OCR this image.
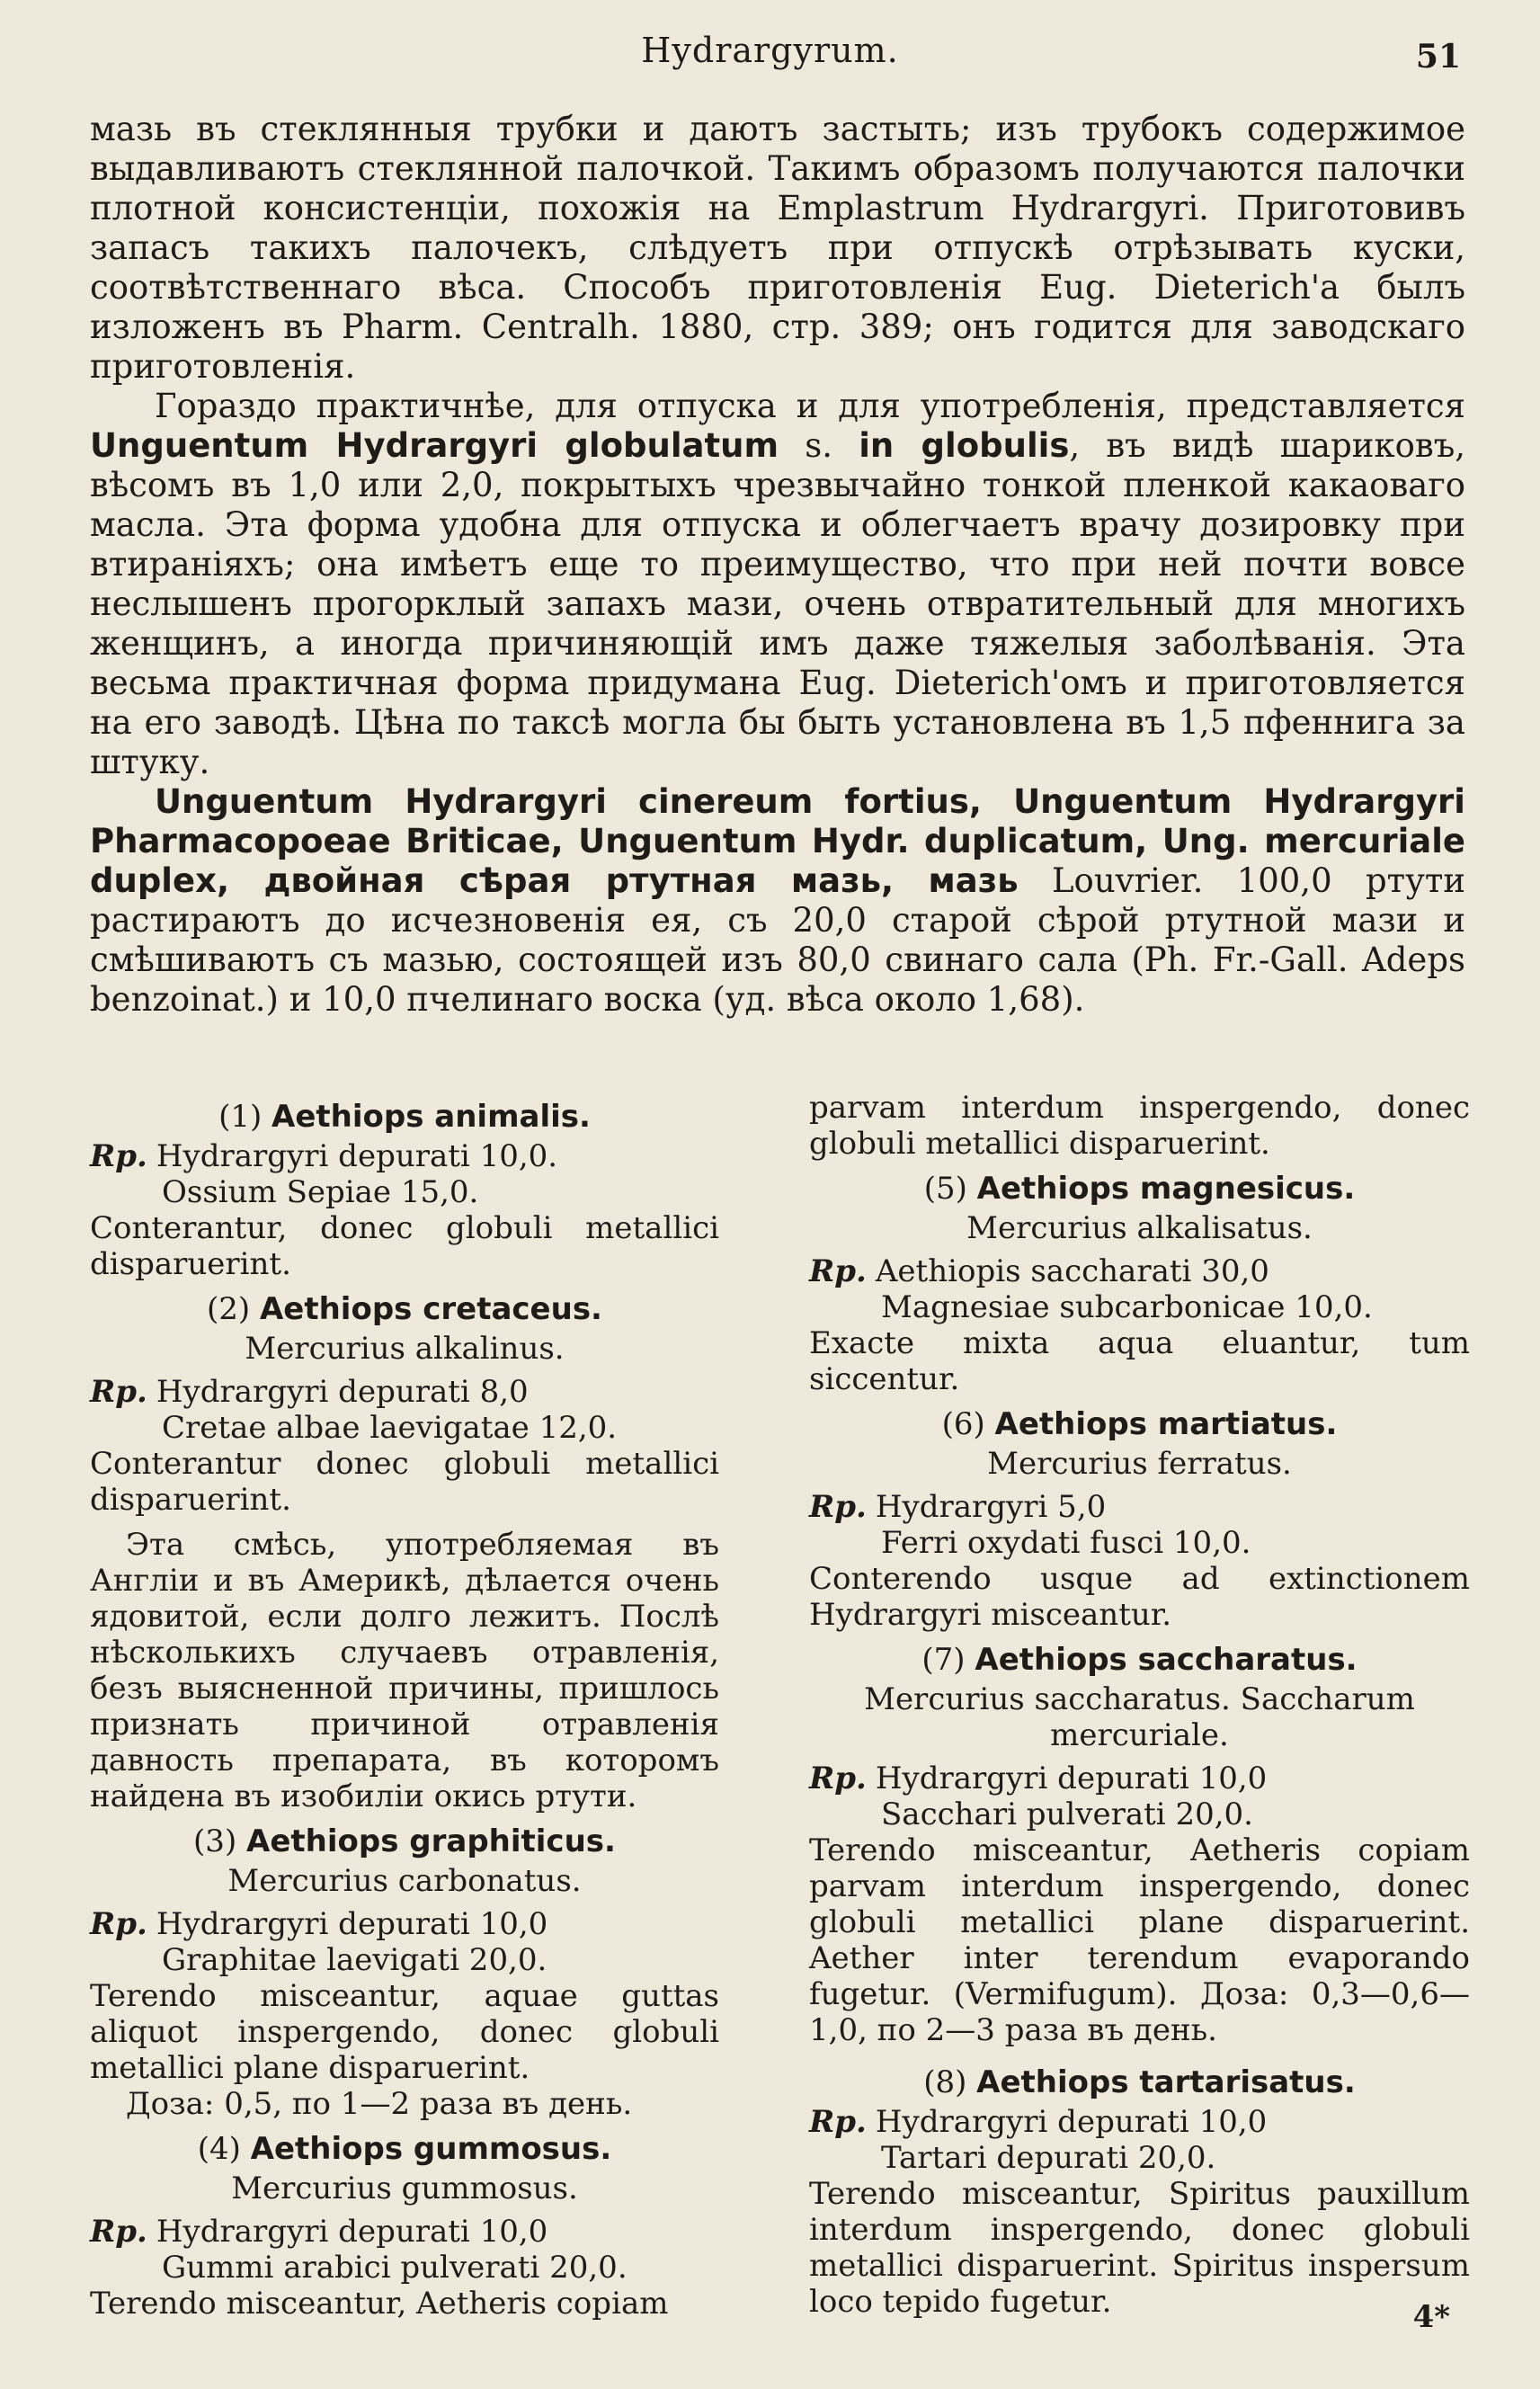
Hydrargyrum.	51

мазь въ стеклянныя трубки и даютъ застыть; изъ трубокъ содержимое выдавливаютъ стеклянной палочкой. Такимъ образомъ получаются палочки плотной консистенціи, похожія на Emplastrum Hydrargyri. Приготовивъ запасъ такихъ палочекъ, слѣдуетъ при отпускѣ отрѣзывать куски, соотвѣтственнаго вѣса. Способъ приготовленія Eug. Dieterich'a былъ изложенъ въ Pharm. Centralh. 1880, стр. 389; онъ годится для заводскаго приготовленія.

Гораздо практичнѣе, для отпуска и для употребленія, представляется Unguentum Hydrargyri globulatum s. in globulis, въ видѣ шариковъ, вѣсомъ въ 1,0 или 2,0, покрытыхъ чрезвычайно тонкой пленкой какаоваго масла. Эта форма удобна для отпуска и облегчаетъ врачу дозировку при втираніяхъ; она имѣетъ еще то преимущество, что при ней почти вовсе неслышенъ прогорклый запахъ мази, очень отвратительный для многихъ женщинъ, а иногда причиняющій имъ даже тяжелыя заболѣванія. Эта весьма практичная форма придумана Eug. Dieterich'омъ и приготовляется на его заводѣ. Цѣна по таксѣ могла бы быть установлена въ 1,5 пфеннига за штуку.

Unguentum Hydrargyri cinereum fortius, Unguentum Hydrargyri Pharmacopoeae Briticae, Unguentum Hydr. duplicatum, Ung. mercuriale duplex, двойная сѣрая ртутная мазь, мазь Louvrier. 100,0 ртути растираютъ до исчезновенія ея, съ 20,0 старой сѣрой ртутной мази и смѣшиваютъ съ мазью, состоящей изъ 80,0 свинаго сала (Ph. Fr.-Gall. Adeps benzoinat.) и 10,0 пчелинаго воска (уд. вѣса около 1,68).

(1) Aethiops animalis.

Rp. Hydrargyri depurati 10,0.

Ossium Sepiae 15,0.

Conterantur, donec globuli metallici disparuerint.

(2) Aethiops cretaceus.

Mercurius alkalinus.

Rp. Hydrargyri depurati 8,0

Cretae albae laevigatae 12,0.

Conterantur donec globuli metallici disparuerint.

Эта смѣсь, употребляемая въ Англіи и въ Америкѣ, дѣлается очень ядовитой, если долго лежитъ. Послѣ нѣсколькихъ случаевъ отравленія, безъ выясненной причины, пришлось признать причиной отравленія давность препарата, въ которомъ найдена въ изобиліи окись ртути.

(3) Aethiops graphiticus.

Mercurius carbonatus.

Rp. Hydrargyri depurati 10,0

Graphitae laevigati 20,0.

Terendo misceantur, aquae guttas aliquot inspergendo, donec globuli metallici plane disparuerint.

Доза: 0,5, по 1—2 раза въ день.

(4) Aethiops gummosus.

Mercurius gummosus.

Rp. Hydrargyri depurati 10,0

Gummi arabici pulverati 20,0.

Terendo misceantur, Aetheris copiam

parvam interdum inspergendo, donec globuli metallici disparuerint.

(5) Aethiops magnesicus.

Mercurius alkalisatus.

Rp. Aethiopis saccharati 30,0

Magnesiae subcarbonicae 10,0.

Exacte mixta aqua eluantur, tum siccentur.

(6) Aethiops martiatus.

Mercurius ferratus.

Rp. Hydrargyri 5,0

Ferri oxydati fusci 10,0.

Conterendo usque ad extinctionem Hydrargyri misceantur.

(7) Aethiops saccharatus.

Mercurius saccharatus. Saccharum mercuriale.

Rp. Hydrargyri depurati 10,0

Sacchari pulverati 20,0.

Terendo misceantur, Aetheris copiam parvam interdum inspergendo, donec globuli metallici plane disparuerint. Aether inter terendum evaporando fugetur. (Vermifugum). Доза: 0,3—0,6—1,0, по 2—3 раза въ день.

(8) Aethiops tartarisatus.

Rp. Hydrargyri depurati 10,0

Tartari depurati 20,0.

Terendo misceantur, Spiritus pauxillum interdum inspergendo, donec globuli metallici disparuerint. Spiritus inspersum loco tepido fugetur.	4*
